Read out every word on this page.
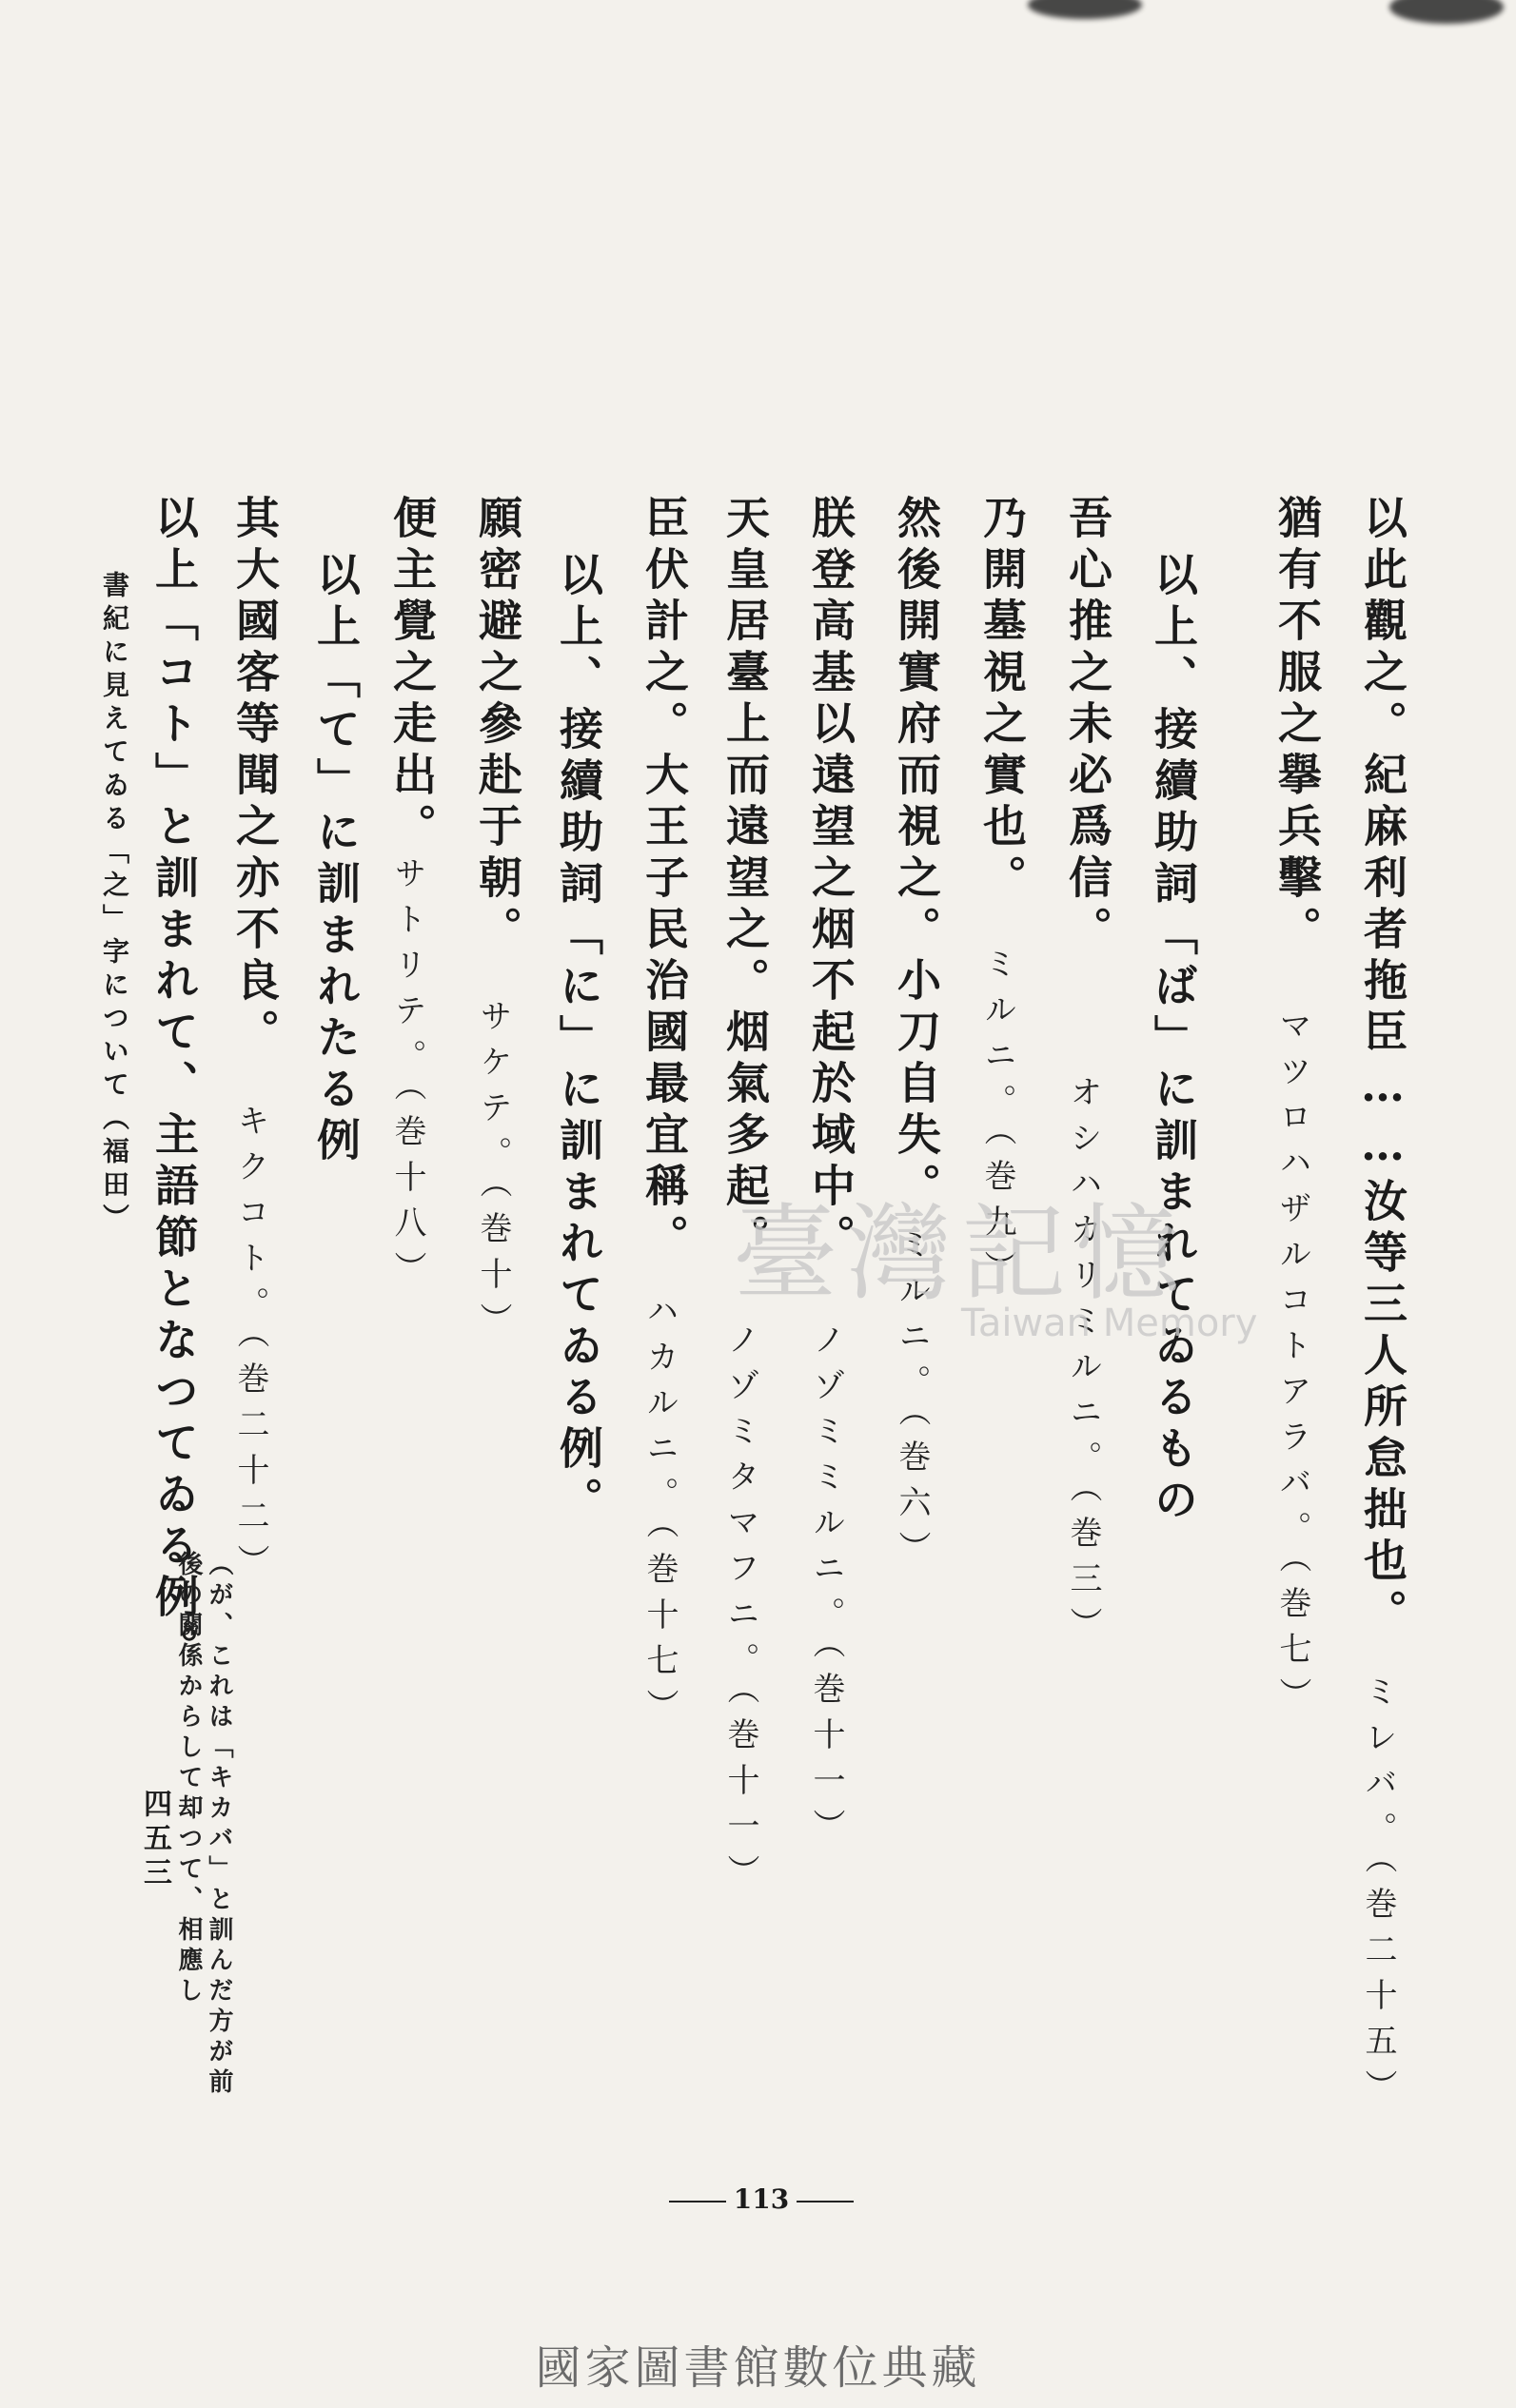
以此觀之。紀麻利者拖臣……汝等三人所怠拙也。
ミレバ。（巻二十五）
猶有不服之擧兵擊。
マツロハザルコトアラバ。（巻七）
以上、接續助詞「ば」に訓まれてゐるもの
吾心推之未必爲信。
オシハカリミルニ。（巻三）
乃開墓視之實也。
ミルニ。（巻九）
然後開實府而視之。小刀自失。
ミルニ。（巻六）
朕登高基以遠望之烟不起於域中。
ノゾミミルニ。（巻十一）
天皇居臺上而遠望之。烟氣多起。
ノゾミタマフニ。（巻十一）
臣伏計之。大王子民治國最宜稱。
ハカルニ。（巻十七）
以上、接續助詞「に」に訓まれてゐる例。
願密避之參赴于朝。
サケテ。（巻十）
便主覺之走出。
サトリテ。（巻十八）
以上「て」に訓まれたる例
其大國客等聞之亦不良。
キクコト。（巻二十二）
以上「コト」と訓まれて、主語節となつてゐる例。
（が、これは「キカバ」と訓んだ方が前
後の關係からして却つて、相應し
書紀に見えてゐる「之」字について（福田）
四五三
臺灣記憶
Taiwan Memory
113
國家圖書館數位典藏
